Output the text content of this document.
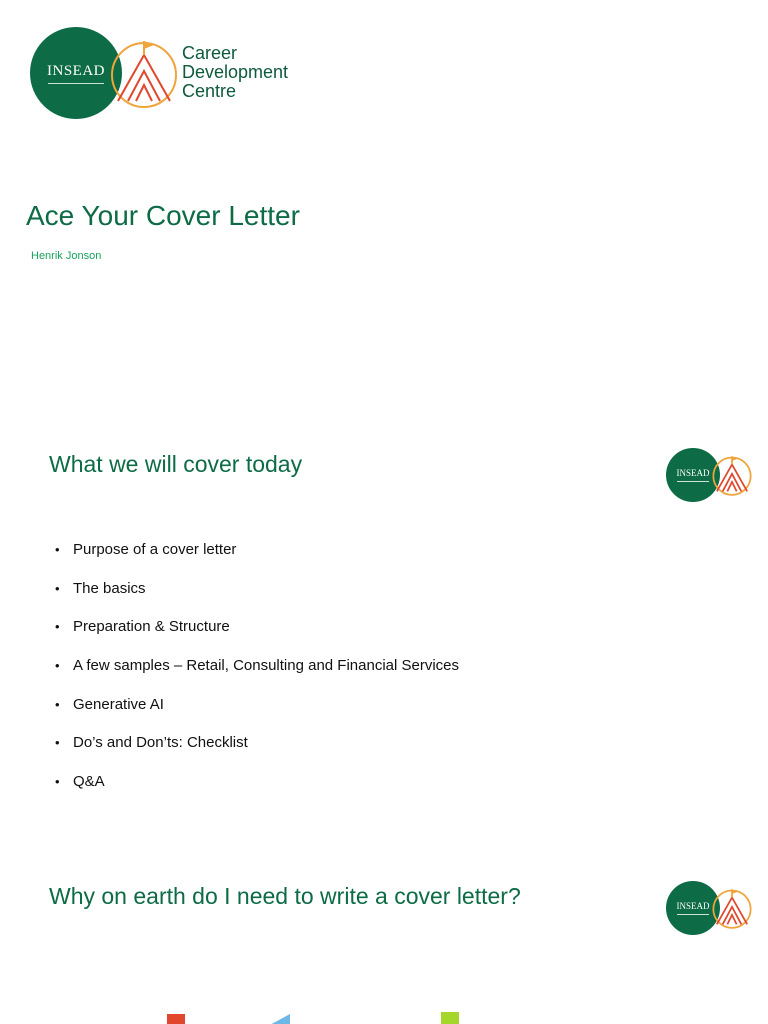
INSEAD
Career
Development
Centre
Ace Your Cover Letter
Henrik Jonson
What we will cover today	INSEAD
• Purpose of a cover letter
• The basics
• Preparation & Structure
• A few samples – Retail, Consulting and Financial Services
• Generative AI
• Do’s and Don’ts: Checklist
• Q&A
Why on earth do I need to write a cover letter?	INSEAD
